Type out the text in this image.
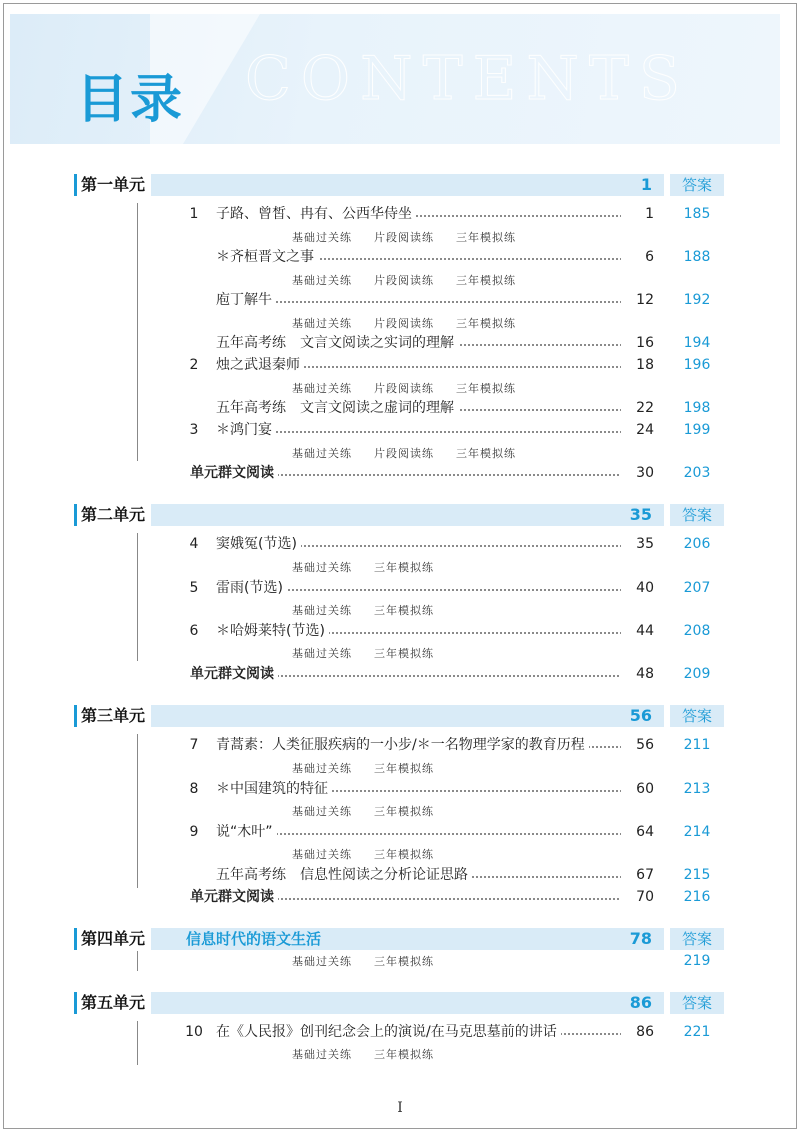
CONTENTS
目录
第一单元	1	答案
1	子路、曾皙、冉有、公西华侍坐	1	185
基础过关练 片段阅读练 三年模拟练
＊齐桓晋文之事	6	188
基础过关练 片段阅读练 三年模拟练
庖丁解牛	12	192
基础过关练 片段阅读练 三年模拟练
五年高考练　文言文阅读之实词的理解	16	194
2	烛之武退秦师	18	196
基础过关练 片段阅读练 三年模拟练
五年高考练　文言文阅读之虚词的理解	22	198
3	＊鸿门宴	24	199
基础过关练 片段阅读练 三年模拟练
单元群文阅读	30	203
第二单元	35	答案
4	窦娥冤(节选)	35	206
基础过关练 三年模拟练
5	雷雨(节选)	40	207
基础过关练 三年模拟练
6	＊哈姆莱特(节选)	44	208
基础过关练 三年模拟练
单元群文阅读	48	209
第三单元	56	答案
7	青蒿素：人类征服疾病的一小步/＊一名物理学家的教育历程	56	211
基础过关练 三年模拟练
8	＊中国建筑的特征	60	213
基础过关练 三年模拟练
9	说“木叶”	64	214
基础过关练 三年模拟练
五年高考练　信息性阅读之分析论证思路	67	215
单元群文阅读	70	216
第四单元	信息时代的语文生活	78	答案
基础过关练 三年模拟练	219
第五单元	86	答案
10 在《人民报》创刊纪念会上的演说/在马克思墓前的讲话	86	221
基础过关练 三年模拟练
I
